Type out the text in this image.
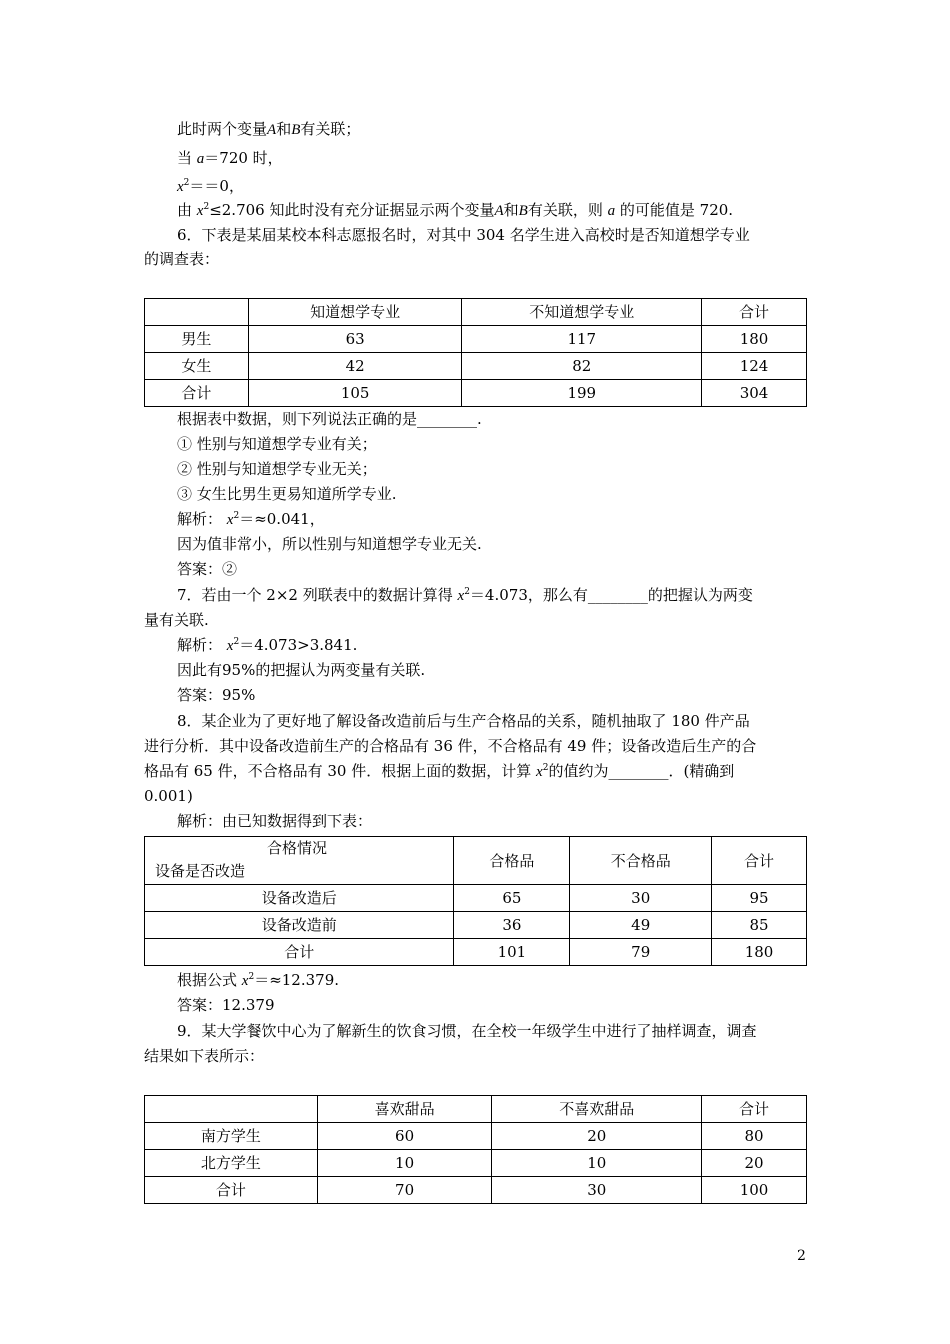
此时两个变量A和B有关联；
当 a＝720 时，
$x^2==0$，
由 $x^2\le 2.706$ 知此时没有充分证据显示两个变量A和B有关联，则 a 的可能值是 720.
6．下表是某届某校本科志愿报名时，对其中 304 名学生进入高校时是否知道想学专业
的调查表：
	知道想学专业	不知道想学专业	合计
男生	63	117	180
女生	42	82	124
合计	105	199	304
根据表中数据，则下列说法正确的是________.
① 性别与知道想学专业有关；
② 性别与知道想学专业无关；
③ 女生比男生更易知道所学专业.
解析： $x^2=\approx 0.041$，
因为值非常小，所以性别与知道想学专业无关.
答案：②
7．若由一个 2×2 列联表中的数据计算得 $x^2=4.073$，那么有________的把握认为两变
量有关联.
解析： $x^2=4.073>3.841$.
因此有95%的把握认为两变量有关联.
答案：95%
8．某企业为了更好地了解设备改造前后与生产合格品的关系，随机抽取了 180 件产品
进行分析．其中设备改造前生产的合格品有 36 件，不合格品有 49 件；设备改造后生产的合
格品有 65 件，不合格品有 30 件．根据上面的数据，计算 $x^2$的值约为________．(精确到
0.001)
解析：由已知数据得到下表：
合格情况
设备是否改造	合格品	不合格品	合计
设备改造后	65	30	95
设备改造前	36	49	85
合计	101	79	180
根据公式 $x^2=\approx 12.379$.
答案：12.379
9．某大学餐饮中心为了解新生的饮食习惯，在全校一年级学生中进行了抽样调查，调查
结果如下表所示：
	喜欢甜品	不喜欢甜品	合计
南方学生	60	20	80
北方学生	10	10	20
合计	70	30	100
2
